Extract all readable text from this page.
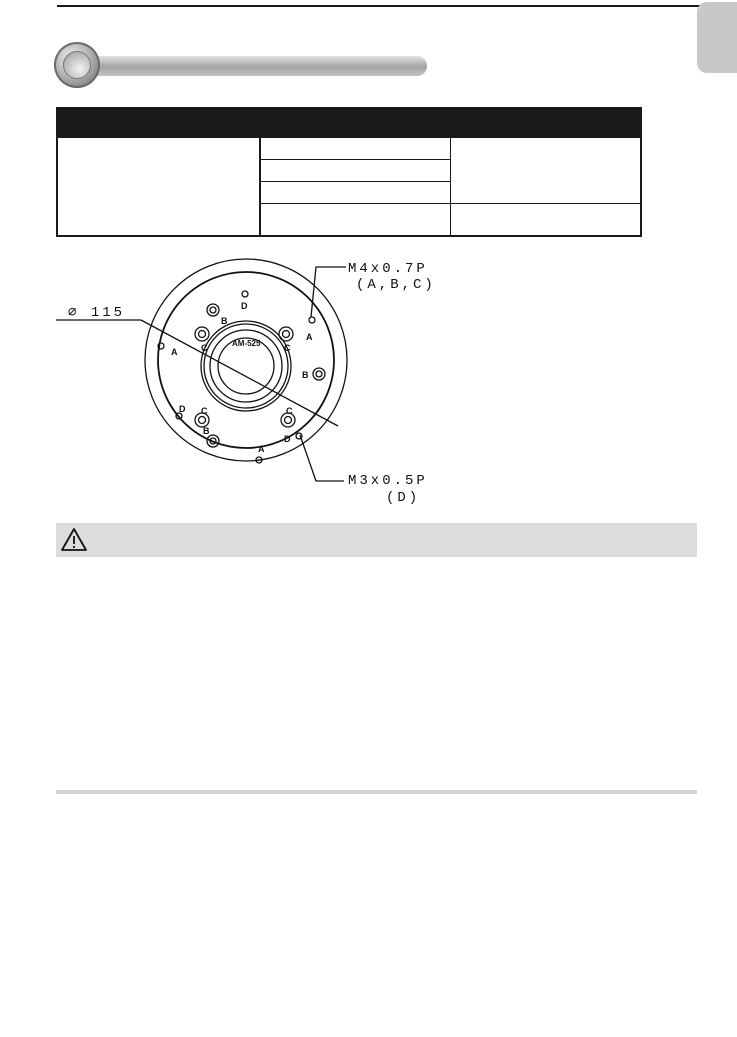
B
B
B
C	C
C	C
A
A
A
D
D
D
AM-525
∅ 115
M4x0.7P
(A,B,C)
M3x0.5P
(D)
